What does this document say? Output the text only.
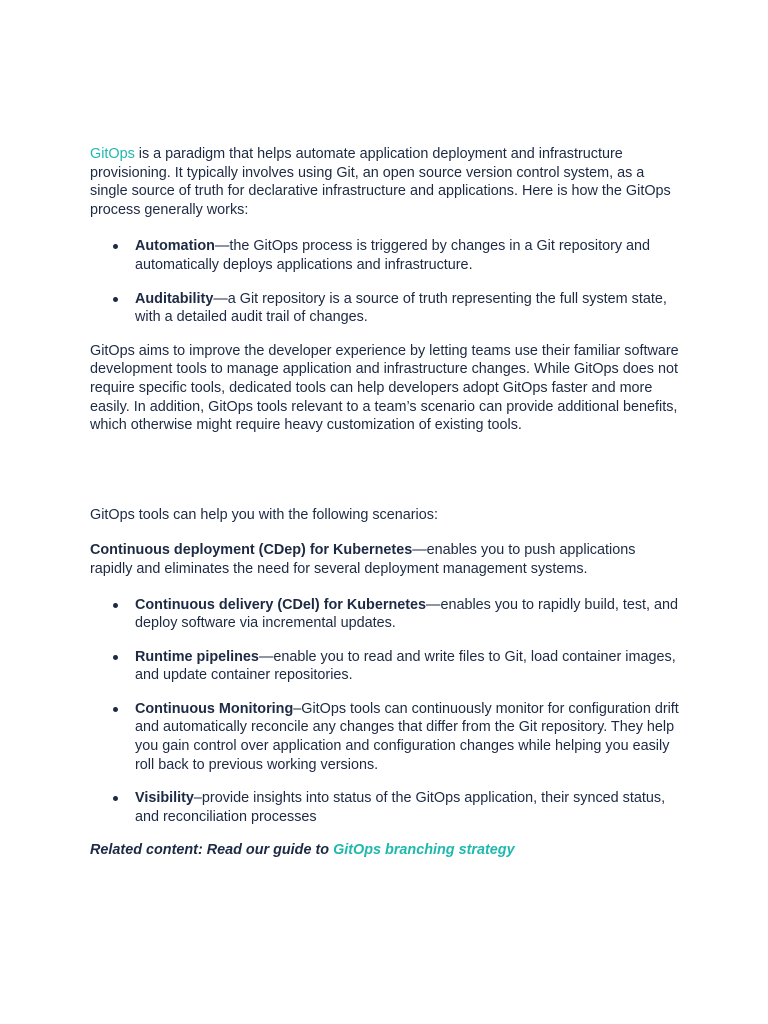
GitOps is a paradigm that helps automate application deployment and infrastructure provisioning. It typically involves using Git, an open source version control system, as a single source of truth for declarative infrastructure and applications. Here is how the GitOps process generally works:

Automation—the GitOps process is triggered by changes in a Git repository and automatically deploys applications and infrastructure.
Auditability—a Git repository is a source of truth representing the full system state, with a detailed audit trail of changes.

GitOps aims to improve the developer experience by letting teams use their familiar software development tools to manage application and infrastructure changes. While GitOps does not require specific tools, dedicated tools can help developers adopt GitOps faster and more easily. In addition, GitOps tools relevant to a team’s scenario can provide additional benefits, which otherwise might require heavy customization of existing tools.

GitOps tools can help you with the following scenarios:

Continuous deployment (CDep) for Kubernetes—enables you to push applications rapidly and eliminates the need for several deployment management systems.

Continuous delivery (CDel) for Kubernetes—enables you to rapidly build, test, and deploy software via incremental updates.
Runtime pipelines—enable you to read and write files to Git, load container images, and update container repositories.
Continuous Monitoring–GitOps tools can continuously monitor for configuration drift and automatically reconcile any changes that differ from the Git repository. They help you gain control over application and configuration changes while helping you easily roll back to previous working versions.
Visibility–provide insights into status of the GitOps application, their synced status, and reconciliation processes

Related content: Read our guide to GitOps branching strategy
